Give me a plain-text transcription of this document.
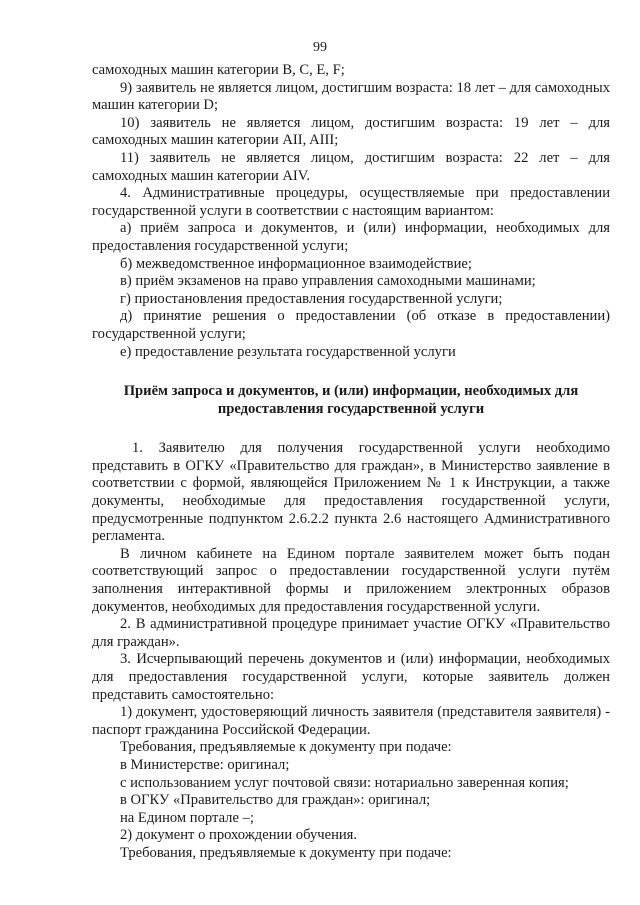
99

самоходных машин категории B, C, E, F;

9) заявитель не является лицом, достигшим возраста: 18 лет – для самоходных машин категории D;

10) заявитель не является лицом, достигшим возраста: 19 лет – для самоходных машин категории AII, AIII;

11) заявитель не является лицом, достигшим возраста: 22 лет – для самоходных машин категории AIV.

4. Административные процедуры, осуществляемые при предоставлении государственной услуги в соответствии с настоящим вариантом:

а) приём запроса и документов, и (или) информации, необходимых для предоставления государственной услуги;

б) межведомственное информационное взаимодействие;

в) приём экзаменов на право управления самоходными машинами;

г) приостановления предоставления государственной услуги;

д) принятие решения о предоставлении (об отказе в предоставлении) государственной услуги;

е) предоставление результата государственной услуги

Приём запроса и документов, и (или) информации, необходимых для предоставления государственной услуги

1. Заявителю для получения государственной услуги необходимо представить в ОГКУ «Правительство для граждан», в Министерство заявление в соответствии с формой, являющейся Приложением № 1 к Инструкции, а также документы, необходимые для предоставления государственной услуги, предусмотренные подпунктом 2.6.2.2 пункта 2.6 настоящего Административного регламента.

В личном кабинете на Едином портале заявителем может быть подан соответствующий запрос о предоставлении государственной услуги путём заполнения интерактивной формы и приложением электронных образов документов, необходимых для предоставления государственной услуги.

2. В административной процедуре принимает участие ОГКУ «Правительство для граждан».

3. Исчерпывающий перечень документов и (или) информации, необходимых для предоставления государственной услуги, которые заявитель должен представить самостоятельно:

1) документ, удостоверяющий личность заявителя (представителя заявителя) - паспорт гражданина Российской Федерации.

Требования, предъявляемые к документу при подаче:

в Министерстве: оригинал;

с использованием услуг почтовой связи: нотариально заверенная копия;

в ОГКУ «Правительство для граждан»: оригинал;

на Едином портале –;

2) документ о прохождении обучения.

Требования, предъявляемые к документу при подаче:
